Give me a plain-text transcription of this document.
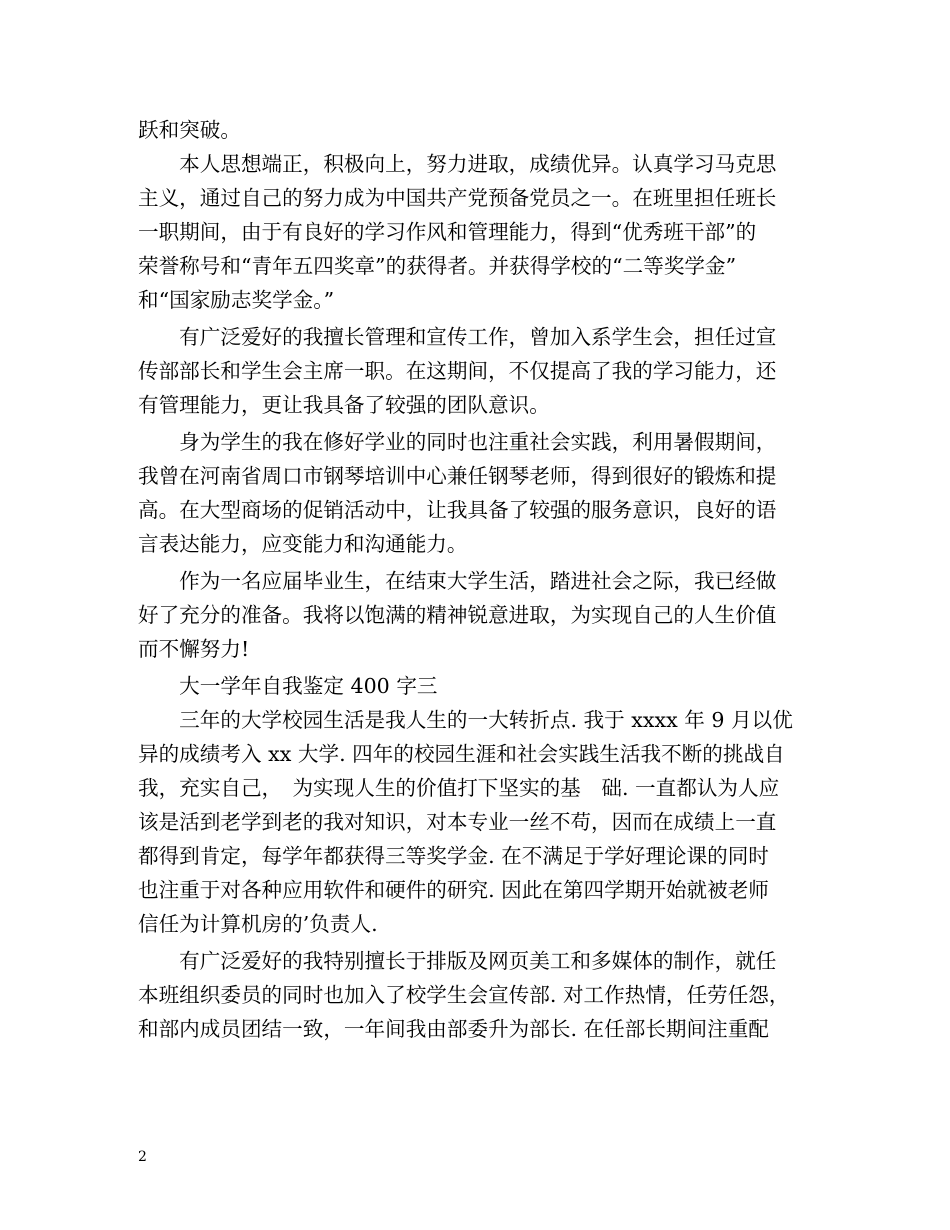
跃和突破。
　　本人思想端正，积极向上，努力进取，成绩优异。认真学习马克思
主义，通过自己的努力成为中国共产党预备党员之一。在班里担任班长
一职期间，由于有良好的学习作风和管理能力，得到“优秀班干部”的
荣誉称号和“青年五四奖章”的获得者。并获得学校的“二等奖学金”
和“国家励志奖学金。”
　　有广泛爱好的我擅长管理和宣传工作，曾加入系学生会，担任过宣
传部部长和学生会主席一职。在这期间，不仅提高了我的学习能力，还
有管理能力，更让我具备了较强的团队意识。
　　身为学生的我在修好学业的同时也注重社会实践，利用暑假期间，
我曾在河南省周口市钢琴培训中心兼任钢琴老师，得到很好的锻炼和提
高。在大型商场的促销活动中，让我具备了较强的服务意识，良好的语
言表达能力，应变能力和沟通能力。
　　作为一名应届毕业生，在结束大学生活，踏进社会之际，我已经做
好了充分的准备。我将以饱满的精神锐意进取，为实现自己的人生价值
而不懈努力!
　　大一学年自我鉴定 400 字三
　　三年的大学校园生活是我人生的一大转折点. 我于 xxxx 年 9 月以优
异的成绩考入 xx 大学. 四年的校园生涯和社会实践生活我不断的挑战自
我，充实自己，　为实现人生的价值打下坚实的基　础. 一直都认为人应
该是活到老学到老的我对知识，对本专业一丝不苟，因而在成绩上一直
都得到肯定，每学年都获得三等奖学金. 在不满足于学好理论课的同时
也注重于对各种应用软件和硬件的研究. 因此在第四学期开始就被老师
信任为计算机房的’负责人.
　　有广泛爱好的我特别擅长于排版及网页美工和多媒体的制作，就任
本班组织委员的同时也加入了校学生会宣传部. 对工作热情，任劳任怨，
和部内成员团结一致，一年间我由部委升为部长. 在任部长期间注重配
2
